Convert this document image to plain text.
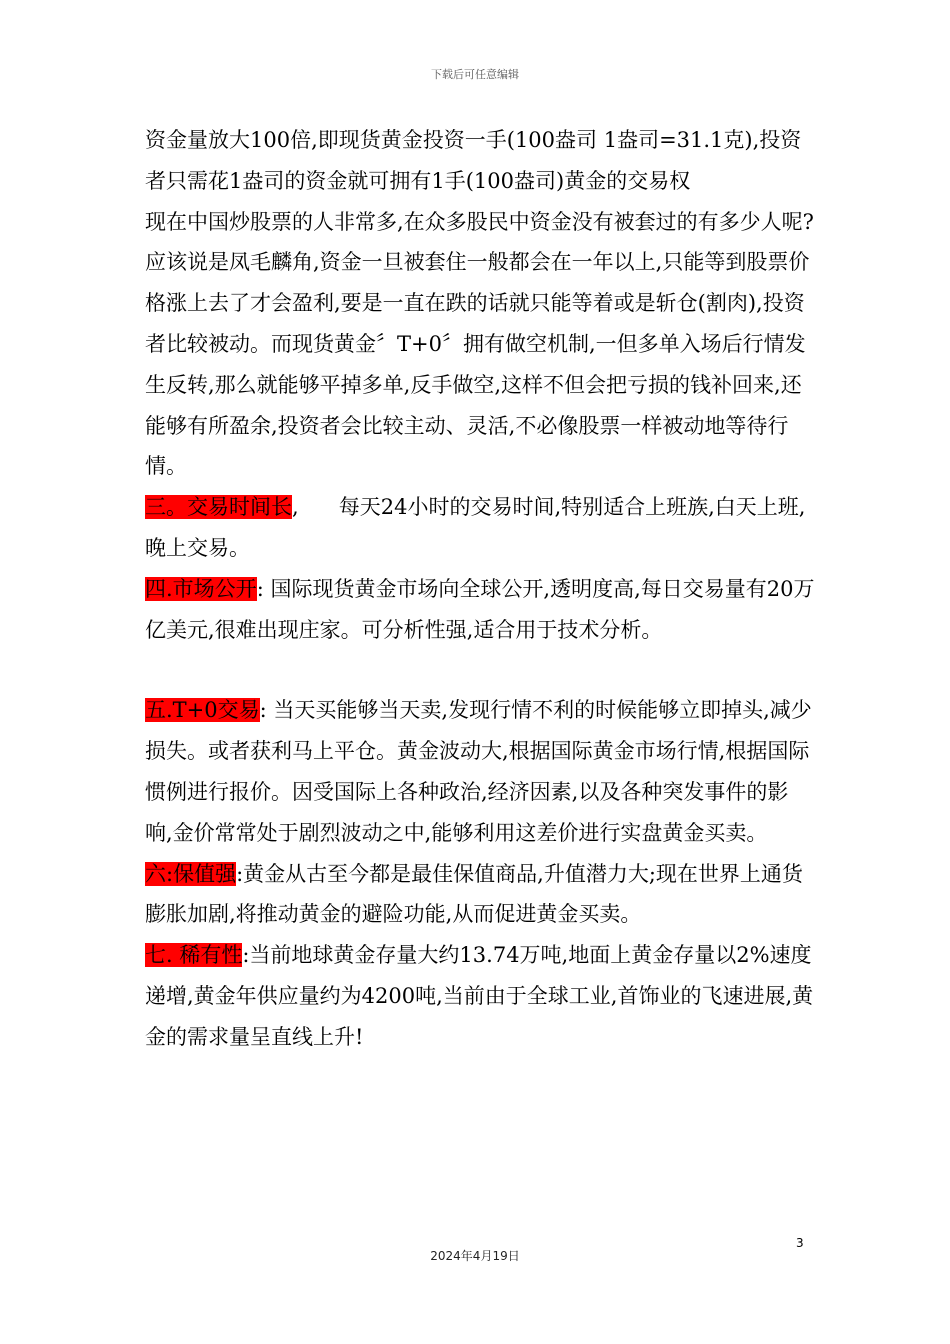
下载后可任意编辑

资金量放大100倍,即现货黄金投资一手(100盎司 1盎司=31.1克),投资者只需花1盎司的资金就可拥有1手(100盎司)黄金的交易权

现在中国炒股票的人非常多,在众多股民中资金没有被套过的有多少人呢?应该说是凤毛麟角,资金一旦被套住一般都会在一年以上,只能等到股票价格涨上去了才会盈利,要是一直在跌的话就只能等着或是斩仓(割肉),投资者比较被动。而现货黄金〞T+0〞拥有做空机制,一但多单入场后行情发生反转,那么就能够平掉多单,反手做空,这样不但会把亏损的钱补回来,还能够有所盈余,投资者会比较主动、灵活,不必像股票一样被动地等待行情。

三。交易时间长,      每天24小时的交易时间,特别适合上班族,白天上班,晚上交易。

四.市场公开: 国际现货黄金市场向全球公开,透明度高,每日交易量有20万亿美元,很难出现庄家。可分析性强,适合用于技术分析。

五.T+0交易: 当天买能够当天卖,发现行情不利的时候能够立即掉头,减少损失。或者获利马上平仓。黄金波动大,根据国际黄金市场行情,根据国际惯例进行报价。因受国际上各种政治,经济因素,以及各种突发事件的影响,金价常常处于剧烈波动之中,能够利用这差价进行实盘黄金买卖。

六:保值强:黄金从古至今都是最佳保值商品,升值潜力大;现在世界上通货膨胀加剧,将推动黄金的避险功能,从而促进黄金买卖。

七. 稀有性:当前地球黄金存量大约13.74万吨,地面上黄金存量以2%速度递增,黄金年供应量约为4200吨,当前由于全球工业,首饰业的飞速进展,黄金的需求量呈直线上升!

3
2024年4月19日
